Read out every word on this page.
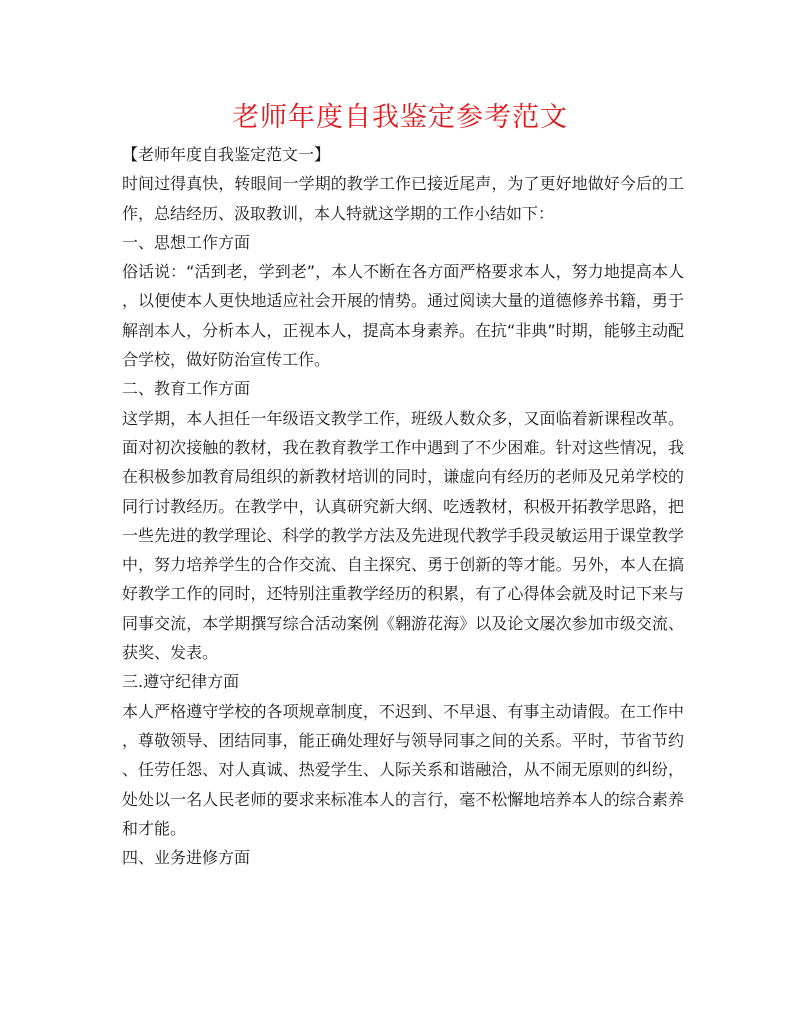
老师年度自我鉴定参考范文

【老师年度自我鉴定范文一】

时间过得真快，转眼间一学期的教学工作已接近尾声，为了更好地做好今后的工

作，总结经历、汲取教训，本人特就这学期的工作小结如下：

一、思想工作方面

俗话说：“活到老，学到老”，本人不断在各方面严格要求本人，努力地提高本人

，以便使本人更快地适应社会开展的情势。通过阅读大量的道德修养书籍，勇于

解剖本人，分析本人，正视本人，提高本身素养。在抗“非典”时期，能够主动配

合学校，做好防治宣传工作。

二、教育工作方面

这学期，本人担任一年级语文教学工作，班级人数众多，又面临着新课程改革。

面对初次接触的教材，我在教育教学工作中遇到了不少困难。针对这些情况，我

在积极参加教育局组织的新教材培训的同时，谦虚向有经历的老师及兄弟学校的

同行讨教经历。在教学中，认真研究新大纲、吃透教材，积极开拓教学思路，把

一些先进的教学理论、科学的教学方法及先进现代教学手段灵敏运用于课堂教学

中，努力培养学生的合作交流、自主探究、勇于创新的等才能。另外，本人在搞

好教学工作的同时，还特别注重教学经历的积累，有了心得体会就及时记下来与

同事交流，本学期撰写综合活动案例《翱游花海》以及论文屡次参加市级交流、

获奖、发表。

三.遵守纪律方面

本人严格遵守学校的各项规章制度，不迟到、不早退、有事主动请假。在工作中

，尊敬领导、团结同事，能正确处理好与领导同事之间的关系。平时，节省节约

、任劳任怨、对人真诚、热爱学生、人际关系和谐融洽，从不闹无原则的纠纷，

处处以一名人民老师的要求来标准本人的言行，毫不松懈地培养本人的综合素养

和才能。

四、业务进修方面
